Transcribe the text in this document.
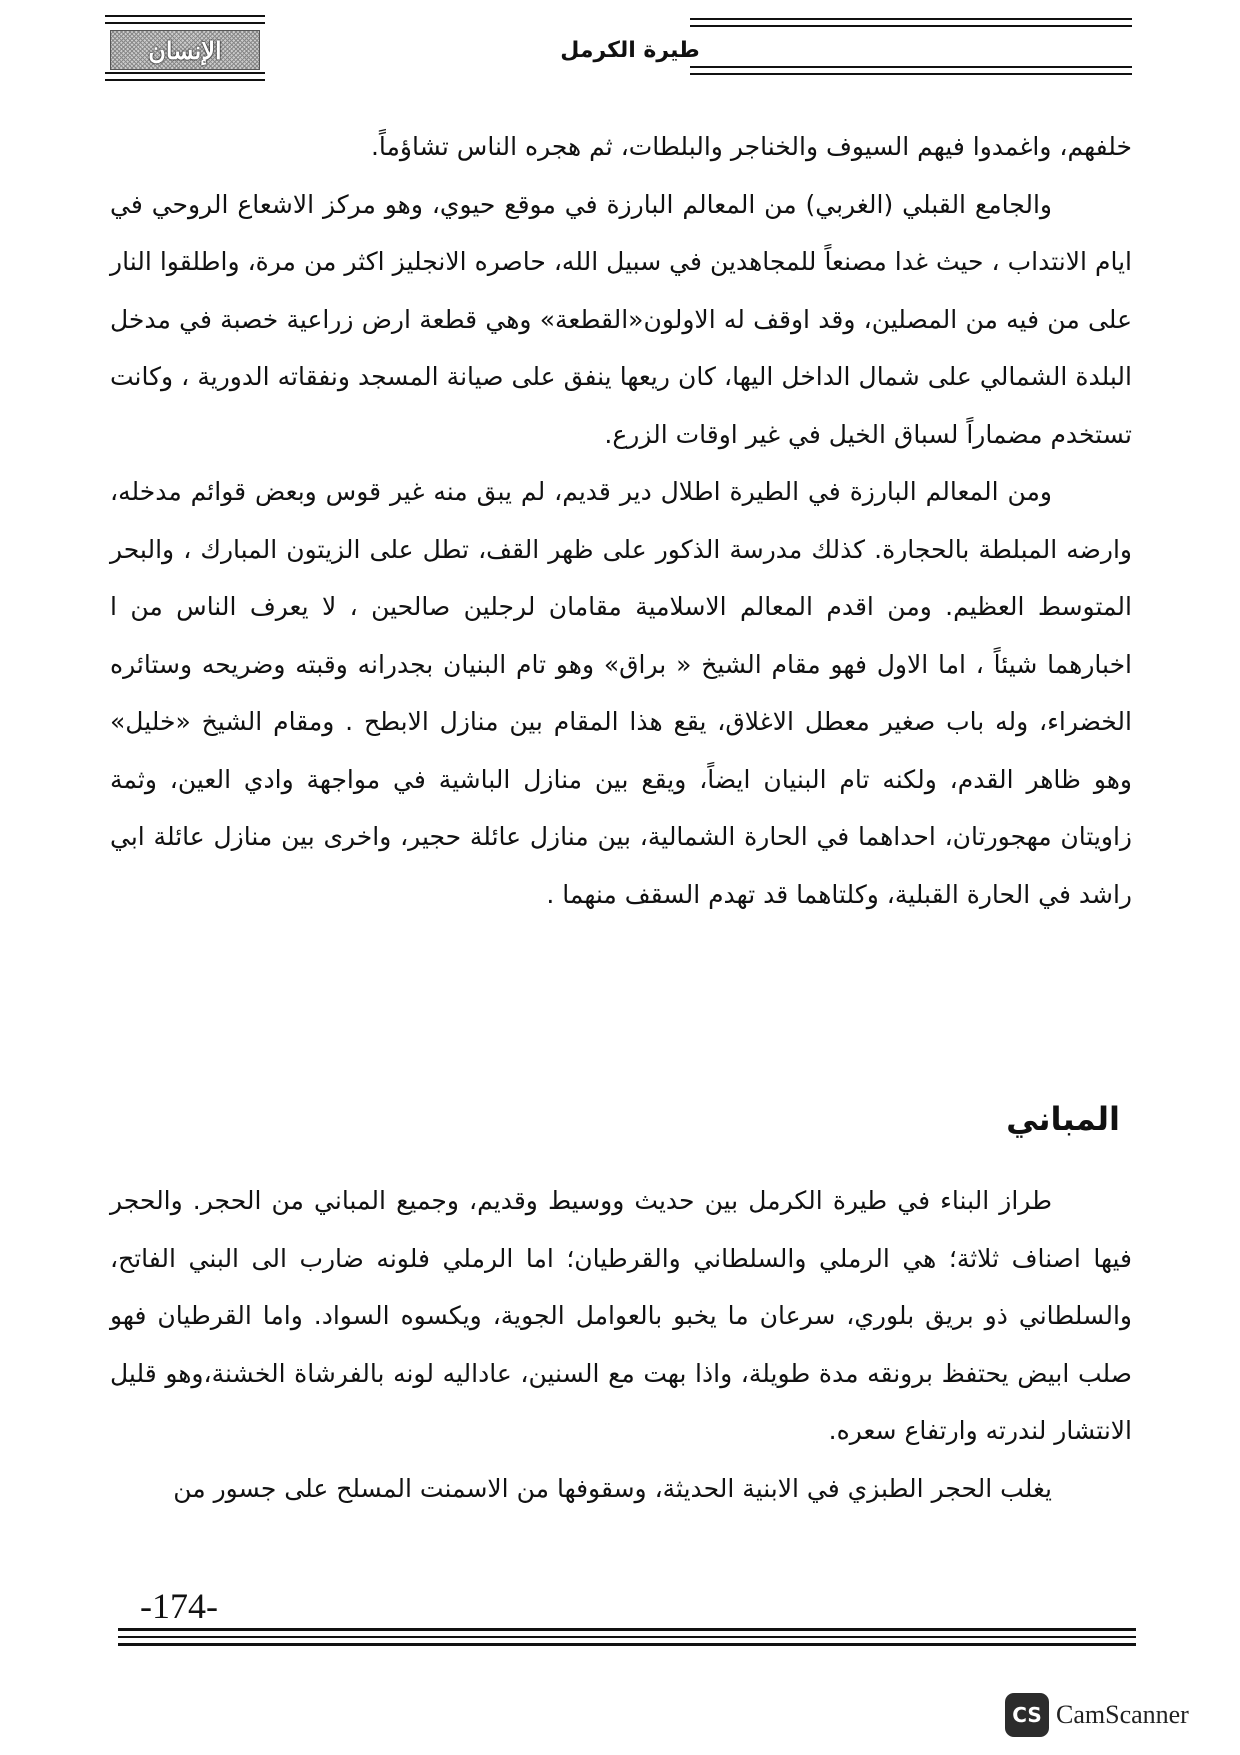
طيرة الكرمل
الإنسان

خلفهم، واغمدوا فيهم السيوف والخناجر والبلطات، ثم هجره الناس تشاؤماً.

والجامع القبلي (الغربي) من المعالم البارزة في موقع حيوي، وهو مركز الاشعاع الروحي في ايام الانتداب ، حيث غدا مصنعاً للمجاهدين في سبيل الله، حاصره الانجليز اكثر من مرة، واطلقوا النار على من فيه من المصلين، وقد اوقف له الاولون«القطعة» وهي قطعة ارض زراعية خصبة في مدخل البلدة الشمالي على شمال الداخل اليها، كان ريعها ينفق على صيانة المسجد ونفقاته الدورية ، وكانت تستخدم مضماراً لسباق الخيل في غير اوقات الزرع.

ومن المعالم البارزة في الطيرة اطلال دير قديم، لم يبق منه غير قوس وبعض قوائم مدخله، وارضه المبلطة بالحجارة. كذلك مدرسة الذكور على ظهر القف، تطل على الزيتون المبارك ، والبحر المتوسط العظيم. ومن اقدم المعالم الاسلامية مقامان لرجلين صالحين ، لا يعرف الناس من ا اخبارهما شيئاً ، اما الاول فهو مقام الشيخ « براق» وهو تام البنيان بجدرانه وقبته وضريحه وستائره الخضراء، وله باب صغير معطل الاغلاق، يقع هذا المقام بين منازل الابطح . ومقام الشيخ «خليل» وهو ظاهر القدم، ولكنه تام البنيان ايضاً، ويقع بين منازل الباشية في مواجهة وادي العين، وثمة زاويتان مهجورتان، احداهما في الحارة الشمالية، بين منازل عائلة حجير، واخرى بين منازل عائلة ابي راشد في الحارة القبلية، وكلتاهما قد تهدم السقف منهما .

المباني

طراز البناء في طيرة الكرمل بين حديث ووسيط وقديم، وجميع المباني من الحجر. والحجر فيها اصناف ثلاثة؛ هي الرملي والسلطاني والقرطيان؛ اما الرملي فلونه ضارب الى البني الفاتح، والسلطاني ذو بريق بلوري، سرعان ما يخبو بالعوامل الجوية، ويكسوه السواد. واما القرطيان فهو صلب ابيض يحتفظ برونقه مدة طويلة، واذا بهت مع السنين، عاداليه لونه بالفرشاة الخشنة،وهو قليل الانتشار لندرته وارتفاع سعره.

يغلب الحجر الطبزي في الابنية الحديثة، وسقوفها من الاسمنت المسلح على جسور من

-174-
CS CamScanner
